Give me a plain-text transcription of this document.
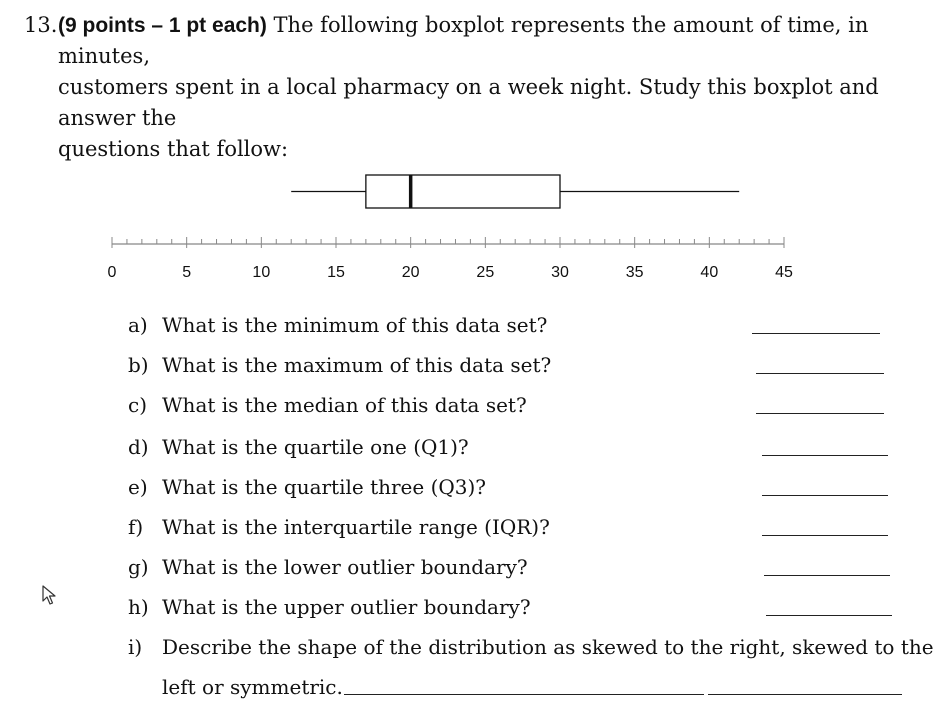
13. (9 points – 1 pt each) The following boxplot represents the amount of time, in minutes,
customers spent in a local pharmacy on a week night. Study this boxplot and answer the
questions that follow:
0	5	10	15	20	25	30	35	40	45
a) What is the minimum of this data set?
b) What is the maximum of this data set?
c) What is the median of this data set?
d) What is the quartile one (Q1)?
e) What is the quartile three (Q3)?
f) What is the interquartile range (IQR)?
g) What is the lower outlier boundary?
h) What is the upper outlier boundary?
i) Describe the shape of the distribution as skewed to the right, skewed to the
left or symmetric.
